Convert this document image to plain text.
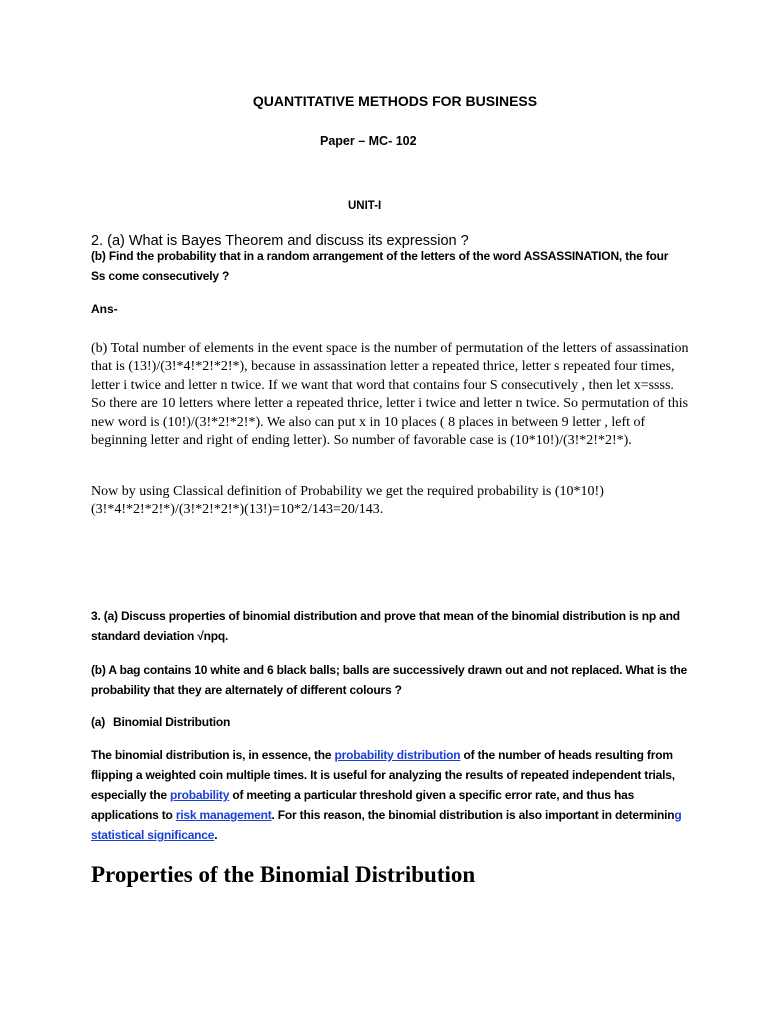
QUANTITATIVE METHODS FOR BUSINESS
Paper – MC- 102
UNIT-I
2. (a) What is Bayes Theorem and discuss its expression ?
(b) Find the probability that in a random arrangement of the letters of the word ASSASSINATION, the four Ss come consecutively ?
Ans-

(b) Total number of elements in the event space is the number of permutation of the letters of assassination that is (13!)/(3!*4!*2!*2!*), because in assassination letter a repeated thrice, letter s repeated four times, letter i twice and letter n twice. If we want that word that contains four S consecutively , then let x=ssss. So there are 10 letters where letter a repeated thrice, letter i twice and letter n twice. So permutation of this new word is (10!)/(3!*2!*2!*). We also can put x in 10 places ( 8 places in between 9 letter , left of beginning letter and right of ending letter). So number of favorable case is (10*10!)/(3!*2!*2!*).

Now by using Classical definition of Probability we get the required probability is (10*10!)(3!*4!*2!*2!*)/(3!*2!*2!*)(13!)=10*2/143=20/143.

3. (a) Discuss properties of binomial distribution and prove that mean of the binomial distribution is np and standard deviation √npq.
(b) A bag contains 10 white and 6 black balls; balls are successively drawn out and not replaced. What is the probability that they are alternately of different colours ?
(a) Binomial Distribution
The binomial distribution is, in essence, the probability distribution of the number of heads resulting from flipping a weighted coin multiple times. It is useful for analyzing the results of repeated independent trials, especially the probability of meeting a particular threshold given a specific error rate, and thus has applications to risk management. For this reason, the binomial distribution is also important in determining statistical significance.
Properties of the Binomial Distribution
